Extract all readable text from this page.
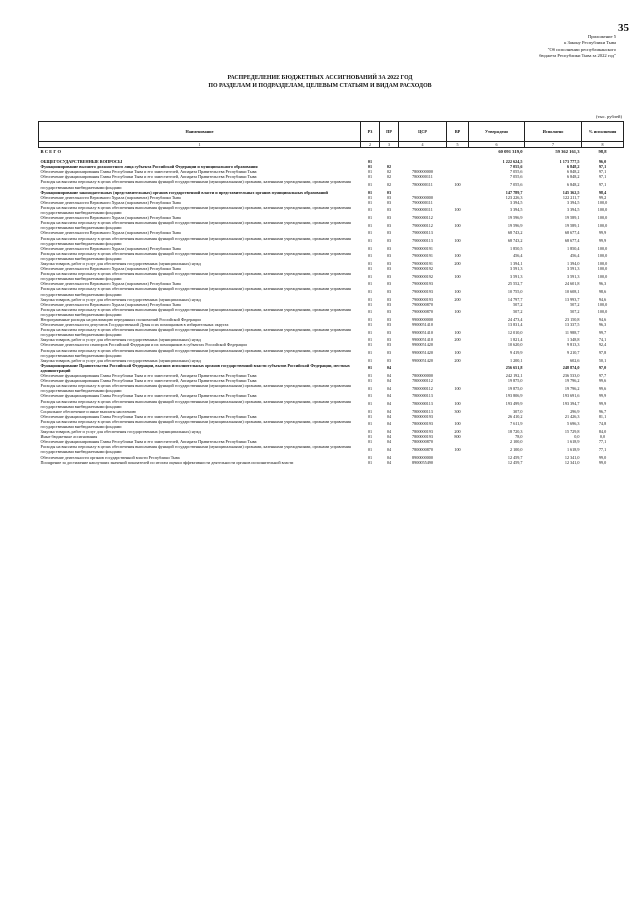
35
Приложение 5
к Закону Республики Тыва
"Об исполнении республиканского
бюджета Республики Тыва за 2022 год"
РАСПРЕДЕЛЕНИЕ БЮДЖЕТНЫХ АССИГНОВАНИЙ ЗА 2022 ГОД
ПО РАЗДЕЛАМ И ПОДРАЗДЕЛАМ, ЦЕЛЕВЫМ СТАТЬЯМ И ВИДАМ РАСХОДОВ
(тыс. рублей)
Наименование	РЗ	ПР	ЦСР	ВР	Утверждено	Исполнено	% исполнения
1	2	3	4	5	6	7	8
В С Е Г О					60 091 319,0	59 362 161,3	98,8

ОБЩЕГОСУДАРСТВЕННЫЕ ВОПРОСЫ	01				1 222 624,5	1 173 777,5	96,0
Функционирование высшего должностного лица субъекта Российской Федерации и муниципального образования	01	02			7 055,6	6 848,2	97,1
Обеспечение функционирования Главы Республики Тыва и его заместителей, Аппарата Правительства Республики Тыва	01	02	7800000000		7 055,6	6 848,2	97,1
Обеспечение функционирования Главы Республики Тыва и его заместителей, Аппарата Правительства Республики Тыва	01	02	7800000111		7 055,6	6 848,2	97,1
Расходы на выплаты персоналу в целях обеспечения выполнения функций государственными (муниципальными) органами, казенными учреждениями, органами управления государственными внебюджетными фондами	01	02	7800000111	100	7 055,6	6 848,2	97,1
Функционирование законодательных (представительных) органов государственной власти и представительных органов муниципальных образований	01	03			147 789,7	145 362,5	98,4
Обеспечение деятельности Верховного Хурала (парламента) Республики Тыва	01	03	7900000000		123 226,3	122 211,7	99,2
Обеспечение деятельности Верховного Хурала (парламента) Республики Тыва	01	03	7900000111		3 394,5	3 394,5	100,0
Расходы на выплаты персоналу в целях обеспечения выполнения функций государственными (муниципальными) органами, казенными учреждениями, органами управления государственными внебюджетными фондами	01	03	7900000111	100	3 394,5	3 394,5	100,0
Обеспечение деятельности Верховного Хурала (парламента) Республики Тыва	01	03	7900000112		19 596,9	19 589,1	100,0
Расходы на выплаты персоналу в целях обеспечения выполнения функций государственными (муниципальными) органами, казенными учреждениями, органами управления государственными внебюджетными фондами	01	03	7900000112	100	19 596,9	19 589,1	100,0
Обеспечение деятельности Верховного Хурала (парламента) Республики Тыва	01	03	7900000113		68 743,2	68 677,4	99,9
Расходы на выплаты персоналу в целях обеспечения выполнения функций государственными (муниципальными) органами, казенными учреждениями, органами управления государственными внебюджетными фондами	01	03	7900000113	100	68 743,2	68 677,4	99,9
Обеспечение деятельности Верховного Хурала (парламента) Республики Тыва	01	03	7900000191		1 850,5	1 850,4	100,0
Расходы на выплаты персоналу в целях обеспечения выполнения функций государственными (муниципальными) органами, казенными учреждениями, органами управления государственными внебюджетными фондами	01	03	7900000191	100	456,4	456,4	100,0
Закупка товаров, работ и услуг для обеспечения государственных (муниципальных) нужд	01	03	7900000191	200	1 394,1	1 394,0	100,0
Обеспечение деятельности Верховного Хурала (парламента) Республики Тыва	01	03	7900000192		3 591,3	3 591,3	100,0
Расходы на выплаты персоналу в целях обеспечения выполнения функций государственными (муниципальными) органами, казенными учреждениями, органами управления государственными внебюджетными фондами	01	03	7900000192	100	3 591,3	3 591,3	100,0
Обеспечение деятельности Верховного Хурала (парламента) Республики Тыва	01	03	7900000193		25 552,7	24 601,8	96,3
Расходы на выплаты персоналу в целях обеспечения выполнения функций государственными (муниципальными) органами, казенными учреждениями, органами управления государственными внебюджетными фондами	01	03	7900000193	100	10 755,0	10 608,1	98,6
Закупка товаров, работ и услуг для обеспечения государственных (муниципальных) нужд	01	03	7900000193	200	14 797,7	13 993,7	94,6
Обеспечение деятельности Верховного Хурала (парламента) Республики Тыва	01	03	7900000870		507,2	507,2	100,0
Расходы на выплаты персоналу в целях обеспечения выполнения функций государственными (муниципальными) органами, казенными учреждениями, органами управления государственными внебюджетными фондами	01	03	7900000870	100	507,2	507,2	100,0
Непрограммные расходы на реализацию переданных полномочий Российской Федерации	01	03	9900000000		24 473,4	23 150,8	94,6
Обеспечение деятельности депутатов Государственной Думы и их помощников в избирательных округах	01	03	9900051410		13 831,4	13 337,5	96,3
Расходы на выплаты персоналу в целях обеспечения выполнения функций государственными (муниципальными) органами, казенными учреждениями, органами управления государственными внебюджетными фондами	01	03	9900051410	100	12 010,0	11 988,7	99,7
Закупка товаров, работ и услуг для обеспечения государственных (муниципальных) нужд	01	03	9900051410	200	1 821,4	1 348,8	74,1
Обеспечение деятельности сенаторов Российской Федерации и их помощников в субъектах Российской Федерации	01	03	9900051420		10 620,0	9 813,3	92,4
Расходы на выплаты персоналу в целях обеспечения выполнения функций государственными (муниципальными) органами, казенными учреждениями, органами управления государственными внебюджетными фондами	01	03	9900051420	100	9 419,9	9 210,7	97,8
Закупка товаров, работ и услуг для обеспечения государственных (муниципальных) нужд	01	03	9900051420	200	1 200,1	602,6	50,1
Функционирование Правительства Российской Федерации, высших исполнительных органов государственной власти субъектов Российской Федерации, местных администраций	01	04			256 651,8	248 874,0	97,0
Обеспечение функционирования Главы Республики Тыва и его заместителей, Аппарата Правительства Республики Тыва	01	04	7800000000		242 192,1	236 533,0	97,7
Обеспечение функционирования Главы Республики Тыва и его заместителей, Аппарата Правительства Республики Тыва	01	04	7800000112		19 875,0	19 796,2	99,6
Расходы на выплаты персоналу в целях обеспечения выполнения функций государственными (муниципальными) органами, казенными учреждениями, органами управления государственными внебюджетными фондами	01	04	7800000112	100	19 875,0	19 796,2	99,6
Обеспечение функционирования Главы Республики Тыва и его заместителей, Аппарата Правительства Республики Тыва	01	04	7800000113		193 806,9	193 691,6	99,9
Расходы на выплаты персоналу в целях обеспечения выполнения функций государственными (муниципальными) органами, казенными учреждениями, органами управления государственными внебюджетными фондами	01	04	7800000113	100	193 499,9	193 394,7	99,9
Социальное обеспечение и иные выплаты населению	01	04	7800000113	300	307,0	296,9	96,7
Обеспечение функционирования Главы Республики Тыва и его заместителей, Аппарата Правительства Республики Тыва	01	04	7800000193		26 410,2	21 426,3	81,1
Расходы на выплаты персоналу в целях обеспечения выполнения функций государственными (муниципальными) органами, казенными учреждениями, органами управления государственными внебюджетными фондами	01	04	7800000193	100	7 611,9	5 696,3	74,8
Закупка товаров, работ и услуг для обеспечения государственных (муниципальных) нужд	01	04	7800000193	200	18 720,3	15 729,8	84,0
Иные бюджетные ассигнования	01	04	7800000193	800	78,0	0,0	0,0
Обеспечение функционирования Главы Республики Тыва и его заместителей, Аппарата Правительства Республики Тыва	01	04	7800000870		2 100,0	1 618,9	77,1
Расходы на выплаты персоналу в целях обеспечения выполнения функций государственными (муниципальными) органами, казенными учреждениями, органами управления государственными внебюджетными фондами	01	04	7800000870	100	2 100,0	1 618,9	77,1
Обеспечение деятельности органов государственной власти Республики Тыва	01	04	8900000000		12 459,7	12 341,0	99,0
Поощрение за достижение наилучших значений показателей по итогам оценки эффективности деятельности органов исполнительной власти	01	04	8900055490		12 459,7	12 341,0	99,0
